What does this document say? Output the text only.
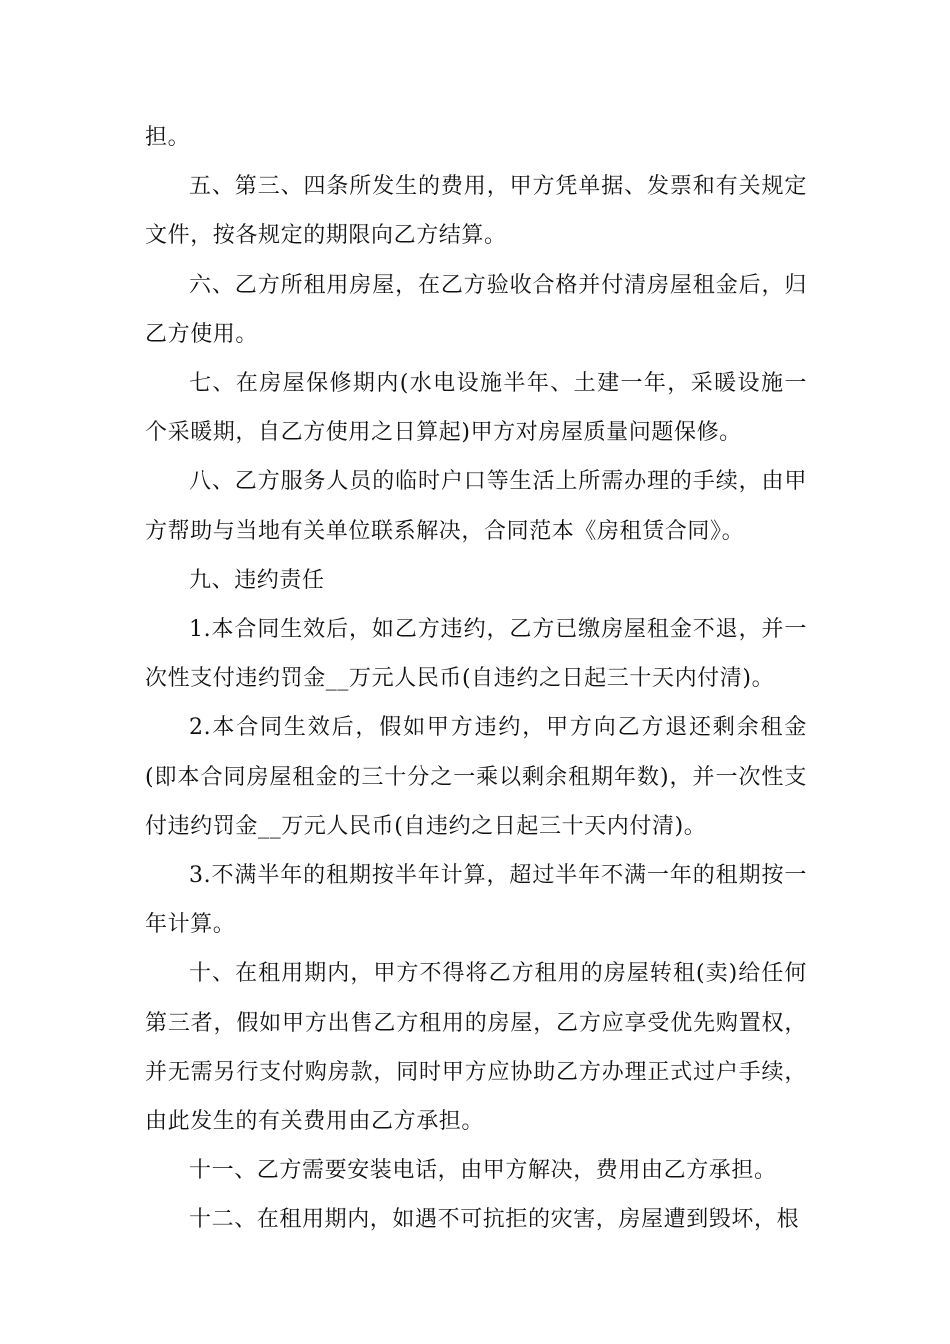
担。

五、第三、四条所发生的费用，甲方凭单据、发票和有关规定文件，按各规定的期限向乙方结算。

六、乙方所租用房屋，在乙方验收合格并付清房屋租金后，归乙方使用。

七、在房屋保修期内(水电设施半年、土建一年，采暖设施一个采暖期，自乙方使用之日算起)甲方对房屋质量问题保修。

八、乙方服务人员的临时户口等生活上所需办理的手续，由甲方帮助与当地有关单位联系解决，合同范本《房租赁合同》。

九、违约责任

1.本合同生效后，如乙方违约，乙方已缴房屋租金不退，并一次性支付违约罚金__万元人民币(自违约之日起三十天内付清)。

2.本合同生效后，假如甲方违约，甲方向乙方退还剩余租金(即本合同房屋租金的三十分之一乘以剩余租期年数)，并一次性支付违约罚金__万元人民币(自违约之日起三十天内付清)。

3.不满半年的租期按半年计算，超过半年不满一年的租期按一年计算。

十、在租用期内，甲方不得将乙方租用的房屋转租(卖)给任何第三者，假如甲方出售乙方租用的房屋，乙方应享受优先购置权，并无需另行支付购房款，同时甲方应协助乙方办理正式过户手续，由此发生的有关费用由乙方承担。

十一、乙方需要安装电话，由甲方解决，费用由乙方承担。

十二、在租用期内，如遇不可抗拒的灾害，房屋遭到毁坏，根
